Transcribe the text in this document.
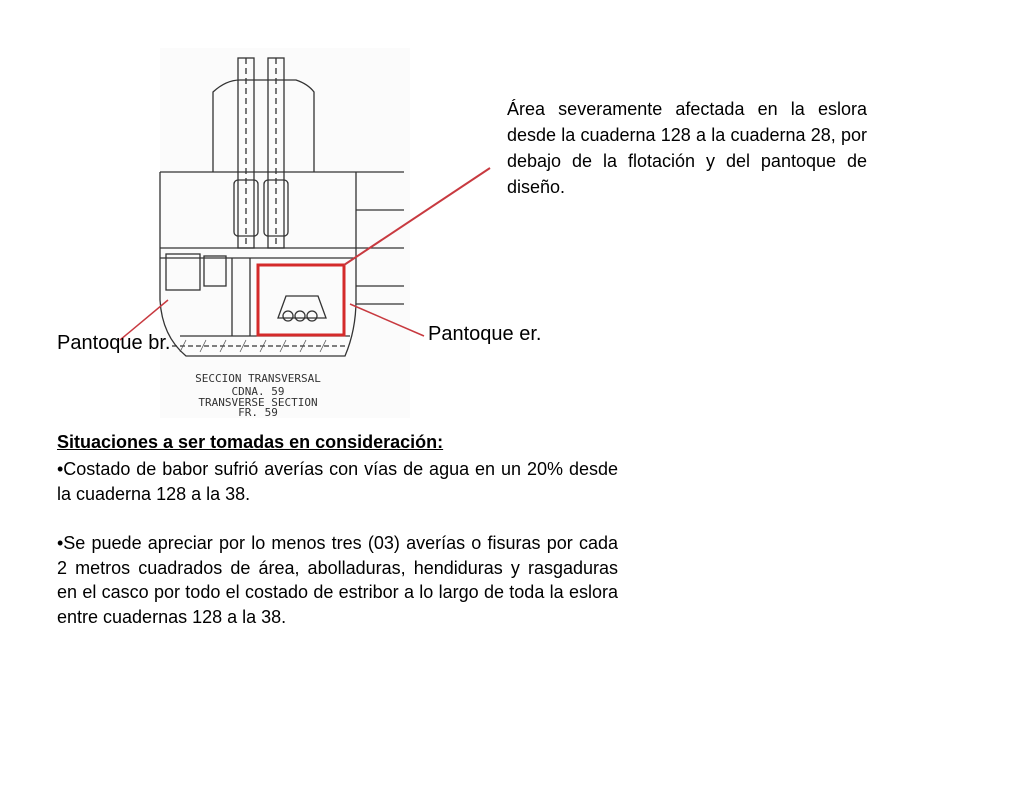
SECCION TRANSVERSAL
CDNA. 59
TRANSVERSE SECTION
FR. 59
Área severamente afectada en la eslora desde la cuaderna 128 a la cuaderna 28, por debajo de la flotación y del pantoque de diseño.
Pantoque br.	Pantoque er.
Situaciones a ser tomadas en consideración:
•Costado de babor sufrió averías con vías de agua en un 20% desde la cuaderna 128 a la 38.
•Se puede apreciar por lo menos tres (03) averías o fisuras por cada 2 metros cuadrados de área, abolladuras, hendiduras y rasgaduras en el casco por todo el costado de estribor a lo largo de toda la eslora entre cuadernas 128 a la 38.
